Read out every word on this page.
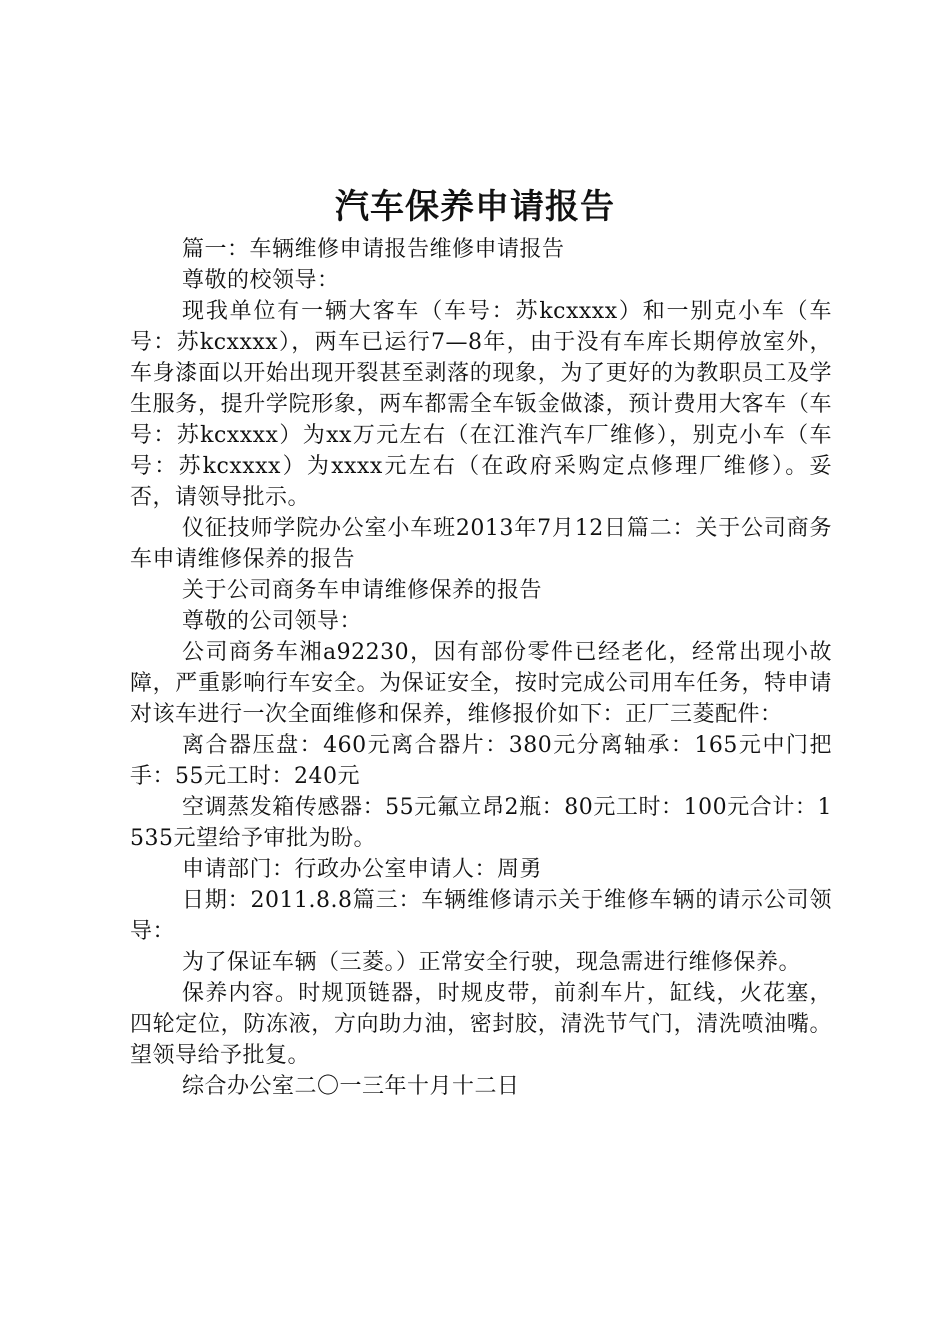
汽车保养申请报告

篇一：车辆维修申请报告维修申请报告

尊敬的校领导：

现我单位有一辆大客车（车号：苏kcxxxx）和一别克小车（车号：苏kcxxxx），两车已运行7—8年，由于没有车库长期停放室外，车身漆面以开始出现开裂甚至剥落的现象，为了更好的为教职员工及学生服务，提升学院形象，两车都需全车钣金做漆，预计费用大客车（车号：苏kcxxxx）为xx万元左右（在江淮汽车厂维修），别克小车（车号：苏kcxxxx）为xxxx元左右（在政府采购定点修理厂维修）。妥否，请领导批示。

仪征技师学院办公室小车班2013年7月12日篇二：关于公司商务车申请维修保养的报告

关于公司商务车申请维修保养的报告

尊敬的公司领导：

公司商务车湘a92230，因有部份零件已经老化，经常出现小故障，严重影响行车安全。为保证安全，按时完成公司用车任务，特申请对该车进行一次全面维修和保养，维修报价如下：正厂三菱配件：

离合器压盘：460元离合器片：380元分离轴承：165元中门把手：55元工时：240元

空调蒸发箱传感器：55元氟立昂2瓶：80元工时：100元合计：1535元望给予审批为盼。

申请部门：行政办公室申请人：周勇

日期：2011.8.8篇三：车辆维修请示关于维修车辆的请示公司领导：

为了保证车辆（三菱。）正常安全行驶，现急需进行维修保养。

保养内容。时规顶链器，时规皮带，前刹车片，缸线，火花塞，四轮定位，防冻液，方向助力油，密封胶，清洗节气门，清洗喷油嘴。望领导给予批复。

综合办公室二〇一三年十月十二日
